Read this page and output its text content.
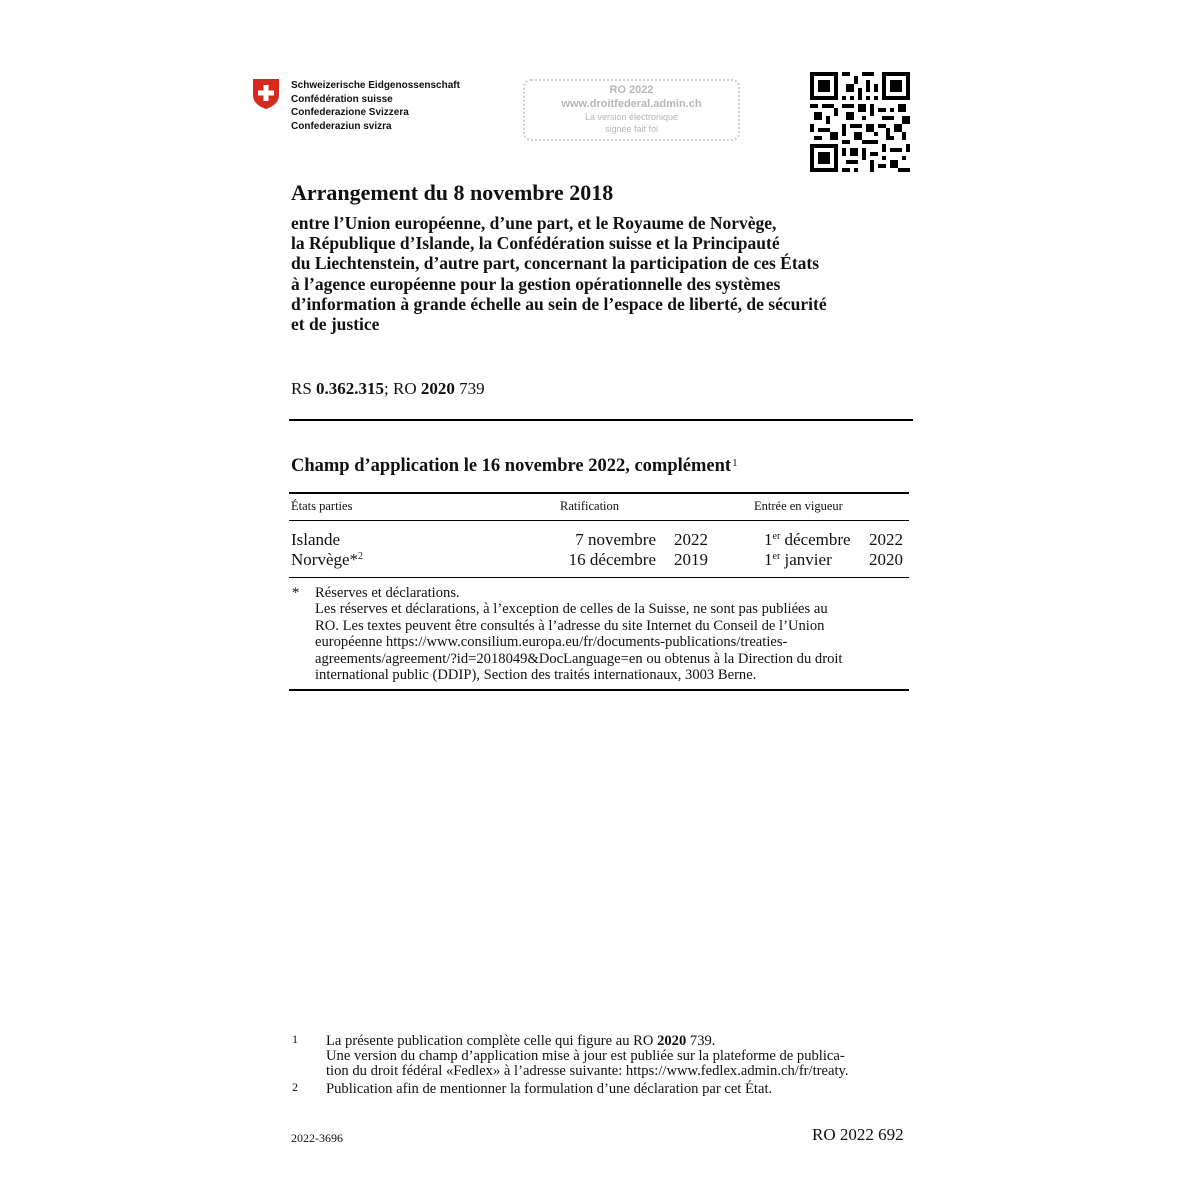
Schweizerische Eidgenossenschaft
Confédération suisse
Confederazione Svizzera
Confederaziun svizra
RO 2022
www.droitfederal.admin.ch
La version électronique
signée fait foi
Arrangement du 8 novembre 2018
entre l’Union européenne, d’une part, et le Royaume de Norvège,
la République d’Islande, la Confédération suisse et la Principauté
du Liechtenstein, d’autre part, concernant la participation de ces États
à l’agence européenne pour la gestion opérationnelle des systèmes
d’information à grande échelle au sein de l’espace de liberté, de sécurité
et de justice
RS 0.362.315; RO 2020 739
Champ d’application le 16 novembre 2022, complément$^1$
États parties	Ratification	Entrée en vigueur
Islande	7 novembre 2022	1er décembre 2022
Norvège*$^2$	16 décembre 2019	1er janvier 2020
* Réserves et déclarations.
Les réserves et déclarations, à l’exception de celles de la Suisse, ne sont pas publiées au
RO. Les textes peuvent être consultés à l’adresse du site Internet du Conseil de l’Union
européenne https://www.consilium.europa.eu/fr/documents-publications/treaties-
agreements/agreement/?id=2018049&DocLanguage=en ou obtenus à la Direction du droit
international public (DDIP), Section des traités internationaux, 3003 Berne.
1 La présente publication complète celle qui figure au RO 2020 739.
Une version du champ d’application mise à jour est publiée sur la plateforme de publica-
tion du droit fédéral «Fedlex» à l’adresse suivante: https://www.fedlex.admin.ch/fr/treaty.
2 Publication afin de mentionner la formulation d’une déclaration par cet État.
2022-3696	RO 2022 692
